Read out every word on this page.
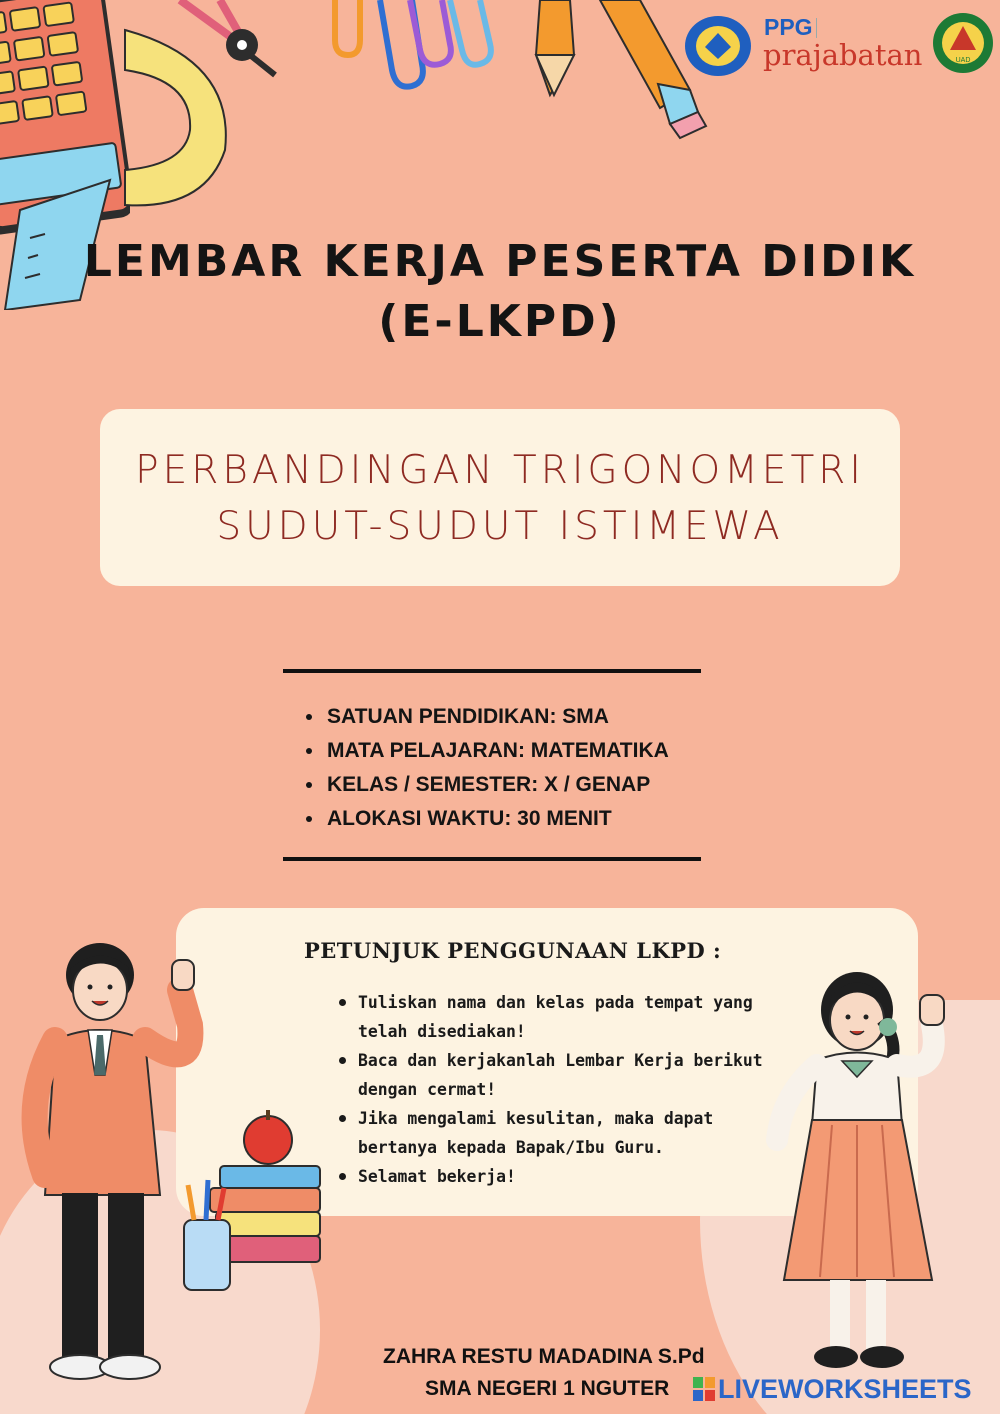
PPG
prajabatan	UAD
LEMBAR KERJA PESERTA DIDIK
(E-LKPD)
PERBANDINGAN TRIGONOMETRI
SUDUT-SUDUT ISTIMEWA
SATUAN PENDIDIKAN: SMA
MATA PELAJARAN: MATEMATIKA
KELAS / SEMESTER: X / GENAP
ALOKASI WAKTU: 30 MENIT
PETUNJUK PENGGUNAAN LKPD :
Tuliskan nama dan kelas pada tempat yang telah disediakan!
Baca dan kerjakanlah Lembar Kerja berikut dengan cermat!
Jika mengalami kesulitan, maka dapat bertanya kepada Bapak/Ibu Guru.
Selamat bekerja!
ZAHRA RESTU MADADINA S.Pd
SMA NEGERI 1 NGUTER LIVEWORKSHEETS
